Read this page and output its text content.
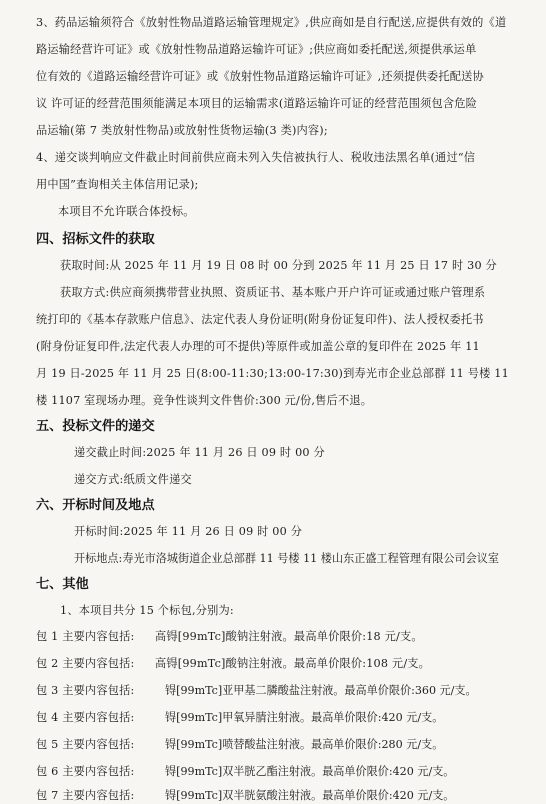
3、药品运输须符合《放射性物品道路运输管理规定》,供应商如是自行配送,应提供有效的《道
路运输经营许可证》或《放射性物品道路运输许可证》;供应商如委托配送,须提供承运单
位有效的《道路运输经营许可证》或《放射性物品道路运输许可证》,还须提供委托配送协
议 许可证的经营范围须能满足本项目的运输需求(道路运输许可证的经营范围须包含危险
品运输(第 7 类放射性物品)或放射性货物运输(3 类)内容);
4、递交谈判响应文件截止时间前供应商未列入失信被执行人、税收违法黑名单(通过“信
用中国”查询相关主体信用记录);
本项目不允许联合体投标。
四、招标文件的获取
获取时间:从 2025 年 11 月 19 日 08 时 00 分到 2025 年 11 月 25 日 17 时 30 分
获取方式:供应商须携带营业执照、资质证书、基本账户开户许可证或通过账户管理系
统打印的《基本存款账户信息》、法定代表人身份证明(附身份证复印件)、法人授权委托书
(附身份证复印件,法定代表人办理的可不提供)等原件或加盖公章的复印件在 2025 年 11
月 19 日-2025 年 11 月 25 日(8:00-11:30;13:00-17:30)到寿光市企业总部群 11 号楼 11
楼 1107 室现场办理。竞争性谈判文件售价:300 元/份,售后不退。
五、投标文件的递交
递交截止时间:2025 年 11 月 26 日 09 时 00 分
递交方式:纸质文件递交
六、开标时间及地点
开标时间:2025 年 11 月 26 日 09 时 00 分
开标地点:寿光市洛城街道企业总部群 11 号楼 11 楼山东正盛工程管理有限公司会议室
七、其他
1、本项目共分 15 个标包,分别为:
包 1 主要内容包括:	高锝[99mTc]酸钠注射液。最高单价限价:18 元/支。
包 2 主要内容包括:	高锝[99mTc]酸钠注射液。最高单价限价:108 元/支。
包 3 主要内容包括:	锝[99mTc]亚甲基二膦酸盐注射液。最高单价限价:360 元/支。
包 4 主要内容包括:	锝[99mTc]甲氧异腈注射液。最高单价限价:420 元/支。
包 5 主要内容包括:	锝[99mTc]喷替酸盐注射液。最高单价限价:280 元/支。
包 6 主要内容包括:	锝[99mTc]双半胱乙酯注射液。最高单价限价:420 元/支。
包 7 主要内容包括:	锝[99mTc]双半胱氨酸注射液。最高单价限价:420 元/支。
